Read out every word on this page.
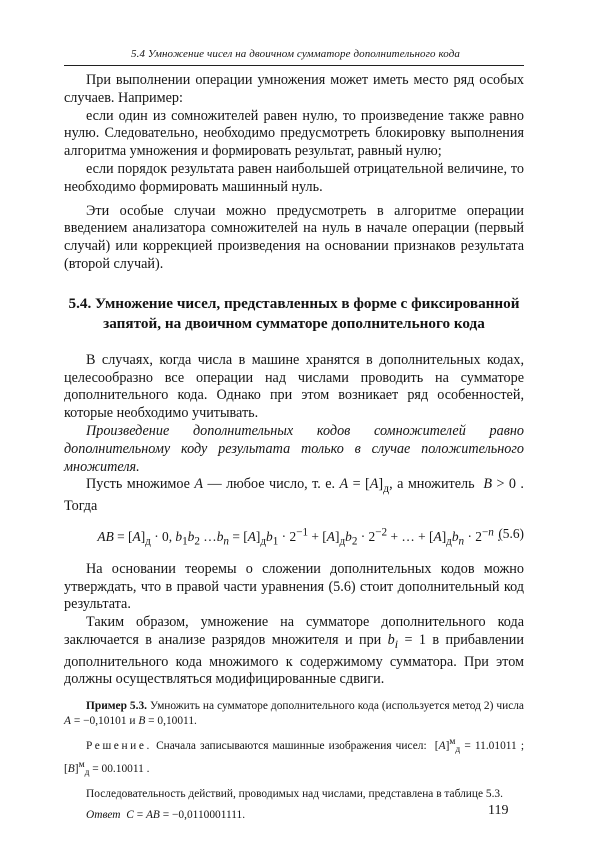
5.4 Умножение чисел на двоичном сумматоре дополнительного кода

При выполнении операции умножения может иметь место ряд особых случаев. Например:

если один из сомножителей равен нулю, то произведение также равно нулю. Следовательно, необходимо предусмотреть блокировку выполнения алгоритма умножения и формировать результат, равный нулю;

если порядок результата равен наибольшей отрицательной величине, то необходимо формировать машинный нуль.

Эти особые случаи можно предусмотреть в алгоритме операции введением анализатора сомножителей на нуль в начале операции (первый случай) или коррекцией произведения на основании признаков результата (второй случай).

5.4. Умножение чисел, представленных в форме с фиксированной запятой, на двоичном сумматоре дополнительного кода

В случаях, когда числа в машине хранятся в дополнительных кодах, целесообразно все операции над числами проводить на сумматоре дополнительного кода. Однако при этом возникает ряд особенностей, которые необходимо учитывать.

Произведение дополнительных кодов сомножителей равно дополнительному коду результата только в случае положительного множителя.

Пусть множимое A — любое число, т. е. $A = [A]_д$, а множитель  B > 0 . Тогда

AB = $[A]_д \cdot 0$, $b_1b_2$ $\dots b_n = [A]_дb_1 \cdot 2^{-1} + [A]_дb_2 \cdot 2^{-2}$ + … + $[A]_дb_n \cdot 2^{-n}$ .
(5.6)

На основании теоремы о сложении дополнительных кодов можно утверждать, что в правой части уравнения (5.6) стоит дополнительный код результата.

Таким образом, умножение на сумматоре дополнительного кода заключается в анализе разрядов множителя и при $b_i = 1$ в прибавлении дополнительного кода множимого к содержимому сумматора. При этом должны осуществляться модифицированные сдвиги.

Пример 5.3. Умножить на сумматоре дополнительного кода (используется метод 2) числа A = −0,10101 и B = 0,10011.

Решение. Сначала записываются машинные изображения чисел:  $[A]^м_д = 11.01011$ ; $[B]^м_д = 00.10011$ .

Последовательность действий, проводимых над числами, представлена в таблице 5.3.

Ответ C = AB = −0,0110001111.	119
